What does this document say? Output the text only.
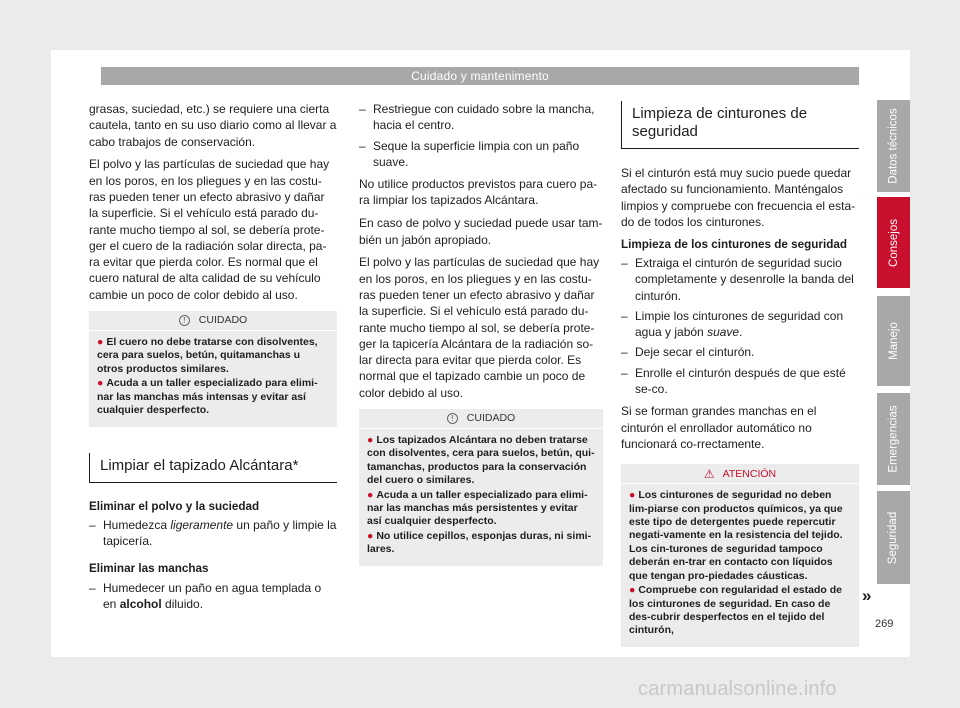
Cuidado y mantenimento

grasas, suciedad, etc.) se requiere una cierta cautela, tanto en su uso diario como al llevar a cabo trabajos de conservación.

El polvo y las partículas de suciedad que hay en los poros, en los pliegues y en las costu-ras pueden tener un efecto abrasivo y dañar la superficie. Si el vehículo está parado du-rante mucho tiempo al sol, se debería prote-ger el cuero de la radiación solar directa, pa-ra evitar que pierda color. Es normal que el cuero natural de alta calidad de su vehículo cambie un poco de color debido al uso.

!	CUIDADO
● El cuero no debe tratarse con disolventes, cera para suelos, betún, quitamanchas u otros productos similares.
● Acuda a un taller especializado para elimi-nar las manchas más intensas y evitar así cualquier desperfecto.
Limpiar el tapizado Alcántara*
Eliminar el polvo y la suciedad
– Humedezca ligeramente un paño y limpie la tapicería.
Eliminar las manchas
– Humedecer un paño en agua templada o en alcohol diluido.
– Restriegue con cuidado sobre la mancha, hacia el centro.
– Seque la superficie limpia con un paño suave.

No utilice productos previstos para cuero pa-ra limpiar los tapizados Alcántara.

En caso de polvo y suciedad puede usar tam-bién un jabón apropiado.

El polvo y las partículas de suciedad que hay en los poros, en los pliegues y en las costu-ras pueden tener un efecto abrasivo y dañar la superficie. Si el vehículo está parado du-rante mucho tiempo al sol, se debería prote-ger la tapicería Alcántara de la radiación so-lar directa para evitar que pierda color. Es normal que el tapizado cambie un poco de color debido al uso.

!	CUIDADO
● Los tapizados Alcántara no deben tratarse con disolventes, cera para suelos, betún, qui-tamanchas, productos para la conservación del cuero o similares.
● Acuda a un taller especializado para elimi-nar las manchas más persistentes y evitar así cualquier desperfecto.
● No utilice cepillos, esponjas duras, ni simi-lares.
Limpieza de cinturones de seguridad

Si el cinturón está muy sucio puede quedar afectado su funcionamiento. Manténgalos limpios y compruebe con frecuencia el esta-do de todos los cinturones.

Limpieza de los cinturones de seguridad
– Extraiga el cinturón de seguridad sucio completamente y desenrolle la banda del cinturón.
– Limpie los cinturones de seguridad con agua y jabón suave.
– Deje secar el cinturón.
– Enrolle el cinturón después de que esté se-co.

Si se forman grandes manchas en el cinturón el enrollador automático no funcionará co-rrectamente.

⚠ ATENCIÓN
● Los cinturones de seguridad no deben lim-piarse con productos químicos, ya que este tipo de detergentes puede repercutir negati-vamente en la resistencia del tejido. Los cin-turones de seguridad tampoco deberán en-trar en contacto con líquidos que tengan pro-piedades cáusticas.
● Compruebe con regularidad el estado de los cinturones de seguridad. En caso de des-cubrir desperfectos en el tejido del cinturón,
Datos técnicos
Consejos
Manejo
Emergencias
Seguridad
»
269
carmanualsonline.info
